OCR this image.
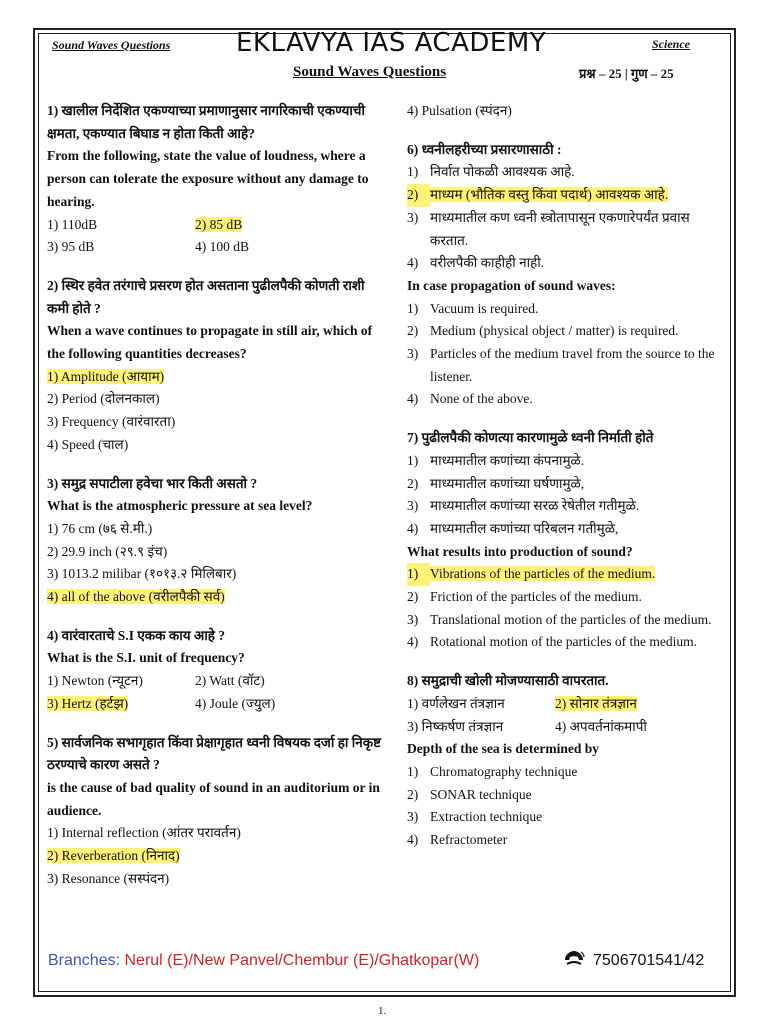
Sound Waves Questions	EKLAVYA IAS ACADEMY	Science
Sound Waves Questions	प्रश्न – 25 | गुण – 25
1) खालील निर्देशित एकण्याच्या प्रमाणानुसार नागरिकाची एकण्याची क्षमता, एकण्यात बिघाड न होता किती आहे?
From the following, state the value of loudness, where a person can tolerate the exposure without any damage to hearing.
1) 110dB	2) 85 dB
3) 95 dB	4) 100 dB
2) स्थिर हवेत तरंगाचे प्रसरण होत असताना पुढीलपैकी कोणती राशी कमी होते ?
When a wave continues to propagate in still air, which of the following quantities decreases?
1) Amplitude (आयाम)
2) Period (दोलनकाल)
3) Frequency (वारंवारता)
4) Speed (चाल)
3) समुद्र सपाटीला हवेचा भार किती असतो ?
What is the atmospheric pressure at sea level?
1) 76 cm (७६ से.मी.)
2) 29.9 inch (२९.९ इंच)
3) 1013.2 milibar (१०१३.२ मिलिबार)
4) all of the above (वरीलपैकी सर्व)
4) वारंवारताचे S.I एकक काय आहे ?
What is the S.I. unit of frequency?
1) Newton (न्यूटन)	2) Watt (वॉट)
3) Hertz (हर्टझ)	4) Joule (ज्युल)
5) सार्वजनिक सभागृहात किंवा प्रेक्षागृहात ध्वनी विषयक दर्जा हा निकृष्ट ठरण्याचे कारण असते ?
is the cause of bad quality of sound in an auditorium or in audience.
1) Internal reflection (आंतर परावर्तन)
2) Reverberation (निनाद)
3) Resonance (सस्पंदन)
4) Pulsation (स्पंदन)
6) ध्वनीलहरीच्या प्रसारणासाठी :
1) निर्वात पोकळी आवश्यक आहे.
2) माध्यम (भौतिक वस्तु किंवा पदार्थ) आवश्यक आहे.
3) माध्यमातील कण ध्वनी स्त्रोतापासून एकणारेपर्यंत प्रवास करतात.
4) वरीलपैकी काहीही नाही.
In case propagation of sound waves:
1) Vacuum is required.
2) Medium (physical object / matter) is required.
3) Particles of the medium travel from the source to the listener.
4) None of the above.
7) पुढीलपैकी कोणत्या कारणामुळे ध्वनी निर्माती होते
1) माध्यमातील कणांच्या कंपनामुळे.
2) माध्यमातील कणांच्या घर्षणामुळे,
3) माध्यमातील कणांच्या सरळ रेषेतील गतीमुळे.
4) माध्यमातील कणांच्या परिबलन गतीमुळे,
What results into production of sound?
1) Vibrations of the particles of the medium.
2) Friction of the particles of the medium.
3) Translational motion of the particles of the medium.
4) Rotational motion of the particles of the medium.
8) समुद्राची खोली मोजण्यासाठी वापरतात.
1) वर्णलेखन तंत्रज्ञान	2) सोनार तंत्रज्ञान
3) निष्कर्षण तंत्रज्ञान	4) अपवर्तनांकमापी
Depth of the sea is determined by
1) Chromatography technique
2) SONAR technique
3) Extraction technique
4) Refractometer
Branches: Nerul (E)/New Panvel/Chembur (E)/Ghatkopar(W)	7506701541/42
1.
